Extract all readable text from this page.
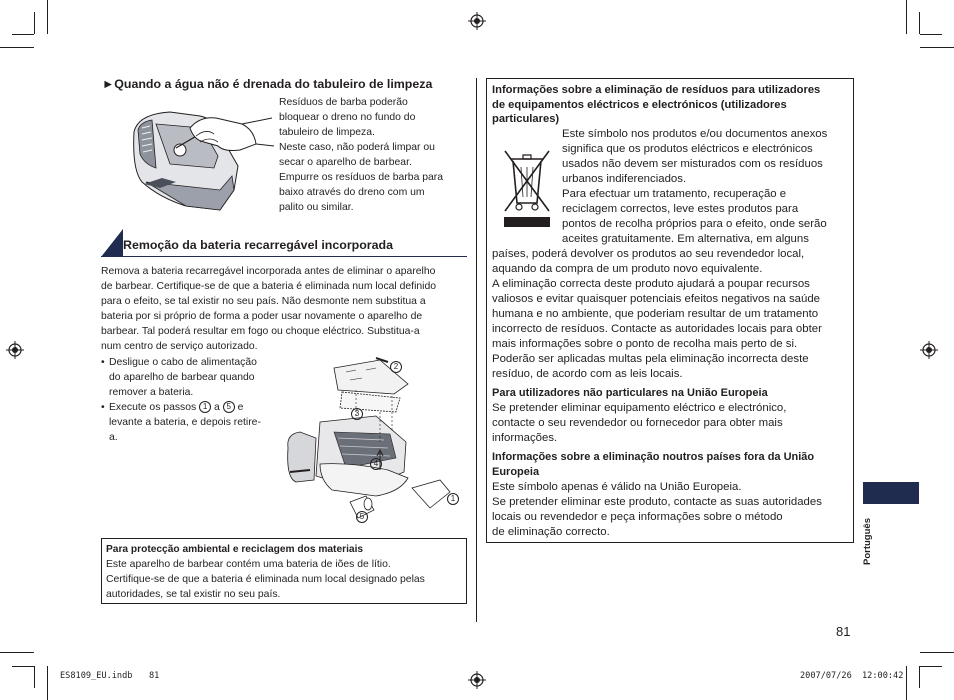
►Quando a água não é drenada do tabuleiro de limpeza
Resíduos de barba poderão
bloquear o dreno no fundo do
tabuleiro de limpeza.
Neste caso, não poderá limpar ou
secar o aparelho de barbear.
Empurre os resíduos de barba para
baixo através do dreno com um
palito ou similar.
Remoção da bateria recarregável incorporada
Remova a bateria recarregável incorporada antes de eliminar o aparelho
de barbear. Certifique-se de que a bateria é eliminada num local definido
para o efeito, se tal existir no seu país. Não desmonte nem substitua a
bateria por si próprio de forma a poder usar novamente o aparelho de
barbear. Tal poderá resultar em fogo ou choque eléctrico. Substitua-a
num centro de serviço autorizado.
• Desligue o cabo de alimentação
do aparelho de barbear quando
remover a bateria.
• Execute os passos 1 a 5 e
levante a bateria, e depois retire-
a.
2
3
4
1
5
Para protecção ambiental e reciclagem dos materiais
Este aparelho de barbear contém uma bateria de iões de lítio.
Certifique-se de que a bateria é eliminada num local designado pelas
autoridades, se tal existir no seu país.
Informações sobre a eliminação de resíduos para utilizadores
de equipamentos eléctricos e electrónicos (utilizadores
particulares)
Este símbolo nos produtos e/ou documentos anexos
significa que os produtos eléctricos e electrónicos
usados não devem ser misturados com os resíduos
urbanos indiferenciados.
Para efectuar um tratamento, recuperação e
reciclagem correctos, leve estes produtos para
pontos de recolha próprios para o efeito, onde serão
aceites gratuitamente. Em alternativa, em alguns
países, poderá devolver os produtos ao seu revendedor local,
aquando da compra de um produto novo equivalente.
A eliminação correcta deste produto ajudará a poupar recursos
valiosos e evitar quaisquer potenciais efeitos negativos na saúde
humana e no ambiente, que poderiam resultar de um tratamento
incorrecto de resíduos. Contacte as autoridades locais para obter
mais informações sobre o ponto de recolha mais perto de si.
Poderão ser aplicadas multas pela eliminação incorrecta deste
resíduo, de acordo com as leis locais.
Para utilizadores não particulares na União Europeia
Se pretender eliminar equipamento eléctrico e electrónico,
contacte o seu revendedor ou fornecedor para obter mais
informações.
Informações sobre a eliminação noutros países fora da União
Europeia
Este símbolo apenas é válido na União Europeia.
Se pretender eliminar este produto, contacte as suas autoridades
locais ou revendedor e peça informações sobre o método
de eliminação correcto.	Português
81
ES8109_EU.indb 81	2007/07/26 12:00:42
